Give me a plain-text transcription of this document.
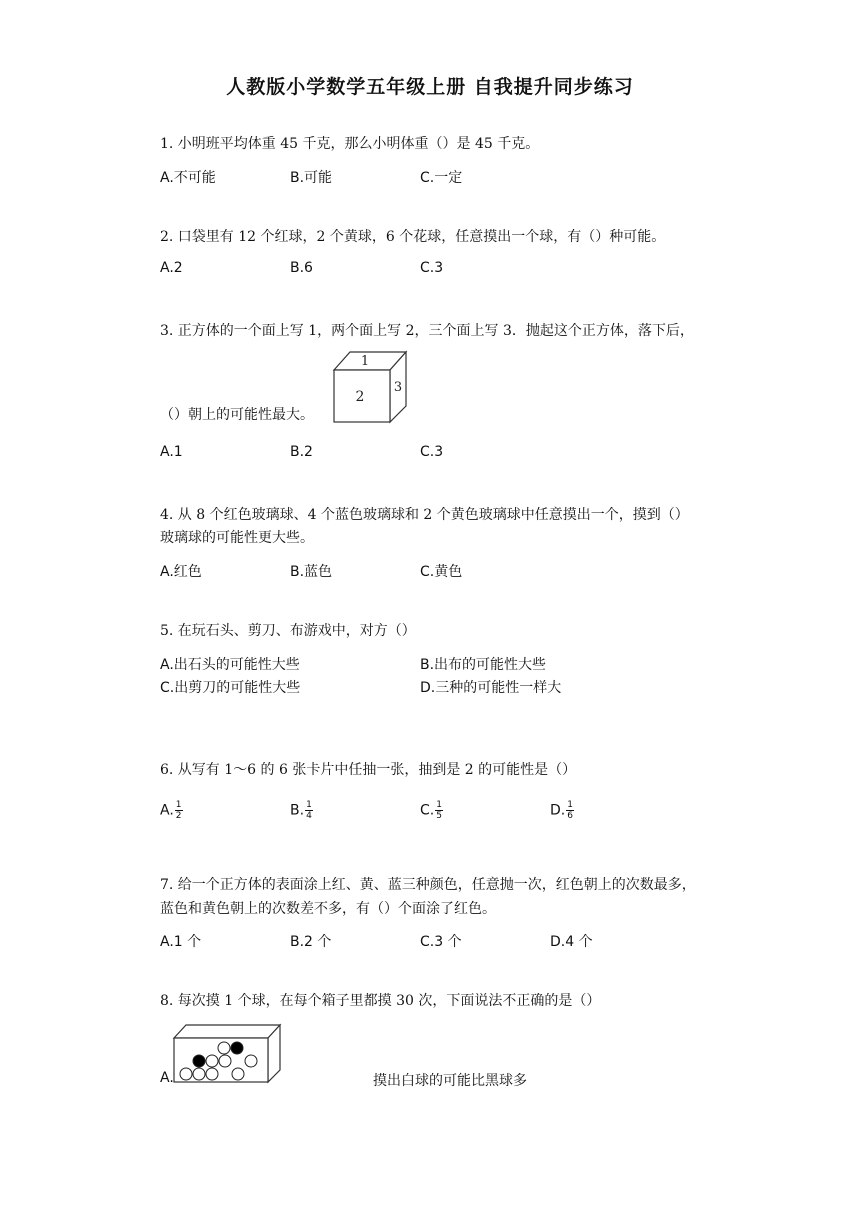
人教版小学数学五年级上册 自我提升同步练习
1. 小明班平均体重 45 千克，那么小明体重（）是 45 千克。
A.不可能	B.可能	C.一定
2. 口袋里有 12 个红球，2 个黄球，6 个花球，任意摸出一个球，有（）种可能。
A.2	B.6	C.3
3. 正方体的一个面上写 1，两个面上写 2，三个面上写 3．抛起这个正方体，落下后，
（）朝上的可能性最大。
1
2
3
A.1	B.2	C.3
4. 从 8 个红色玻璃球、4 个蓝色玻璃球和 2 个黄色玻璃球中任意摸出一个，摸到（）
玻璃球的可能性更大些。
A.红色	B.蓝色	C.黄色
5. 在玩石头、剪刀、布游戏中，对方（）
A.出石头的可能性大些	B.出布的可能性大些
C.出剪刀的可能性大些	D.三种的可能性一样大
6. 从写有 1～6 的 6 张卡片中任抽一张，抽到是 2 的可能性是（）
A. $\frac{1}{2}$	B. $\frac{1}{4}$	C. $\frac{1}{5}$	D. $\frac{1}{6}$
7. 给一个正方体的表面涂上红、黄、蓝三种颜色，任意抛一次，红色朝上的次数最多，
蓝色和黄色朝上的次数差不多，有（）个面涂了红色。
A.1 个	B.2 个	C.3 个	D.4 个
8. 每次摸 1 个球，在每个箱子里都摸 30 次，下面说法不正确的是（）
A.	摸出白球的可能比黑球多
